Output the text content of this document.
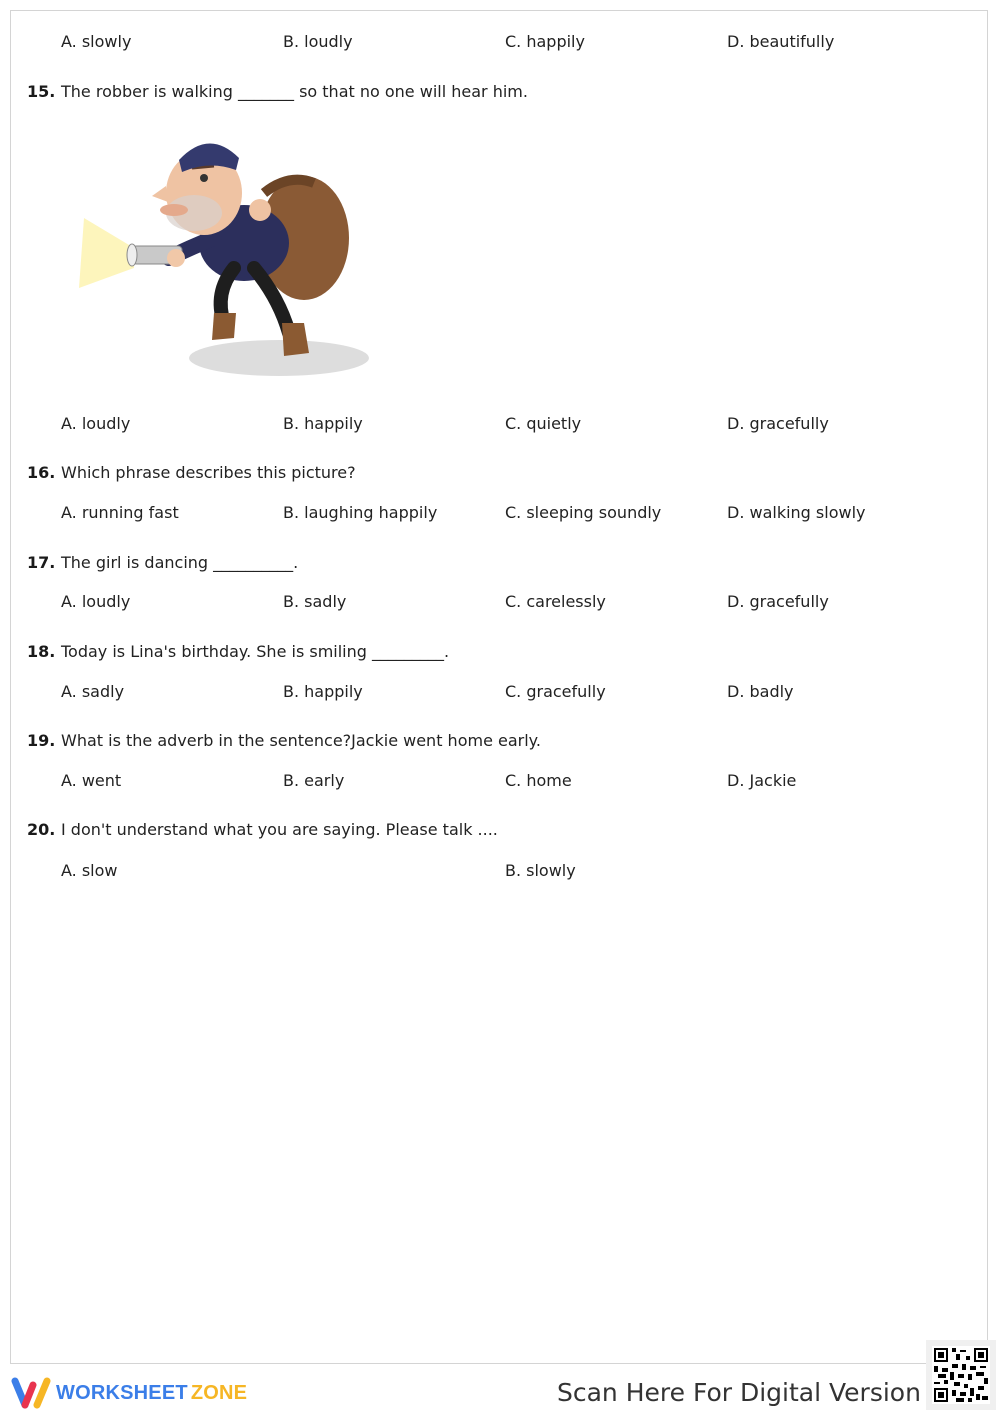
A. slowly	B. loudly	C. happily	D. beautifully
15. The robber is walking _______ so that no one will hear him.
A. loudly	B. happily	C. quietly	D. gracefully
16. Which phrase describes this picture?
A. running fast	B. laughing happily	C. sleeping soundly	D. walking slowly
17. The girl is dancing __________.
A. loudly	B. sadly	C. carelessly	D. gracefully
18. Today is Lina's birthday. She is smiling _________.
A. sadly	B. happily	C. gracefully	D. badly
19. What is the adverb in the sentence?Jackie went home early.
A. went	B. early	C. home	D. Jackie
20. I don't understand what you are saying. Please talk ....
A. slow	B. slowly
WORKSHEET ZONE	Scan Here For Digital Version
